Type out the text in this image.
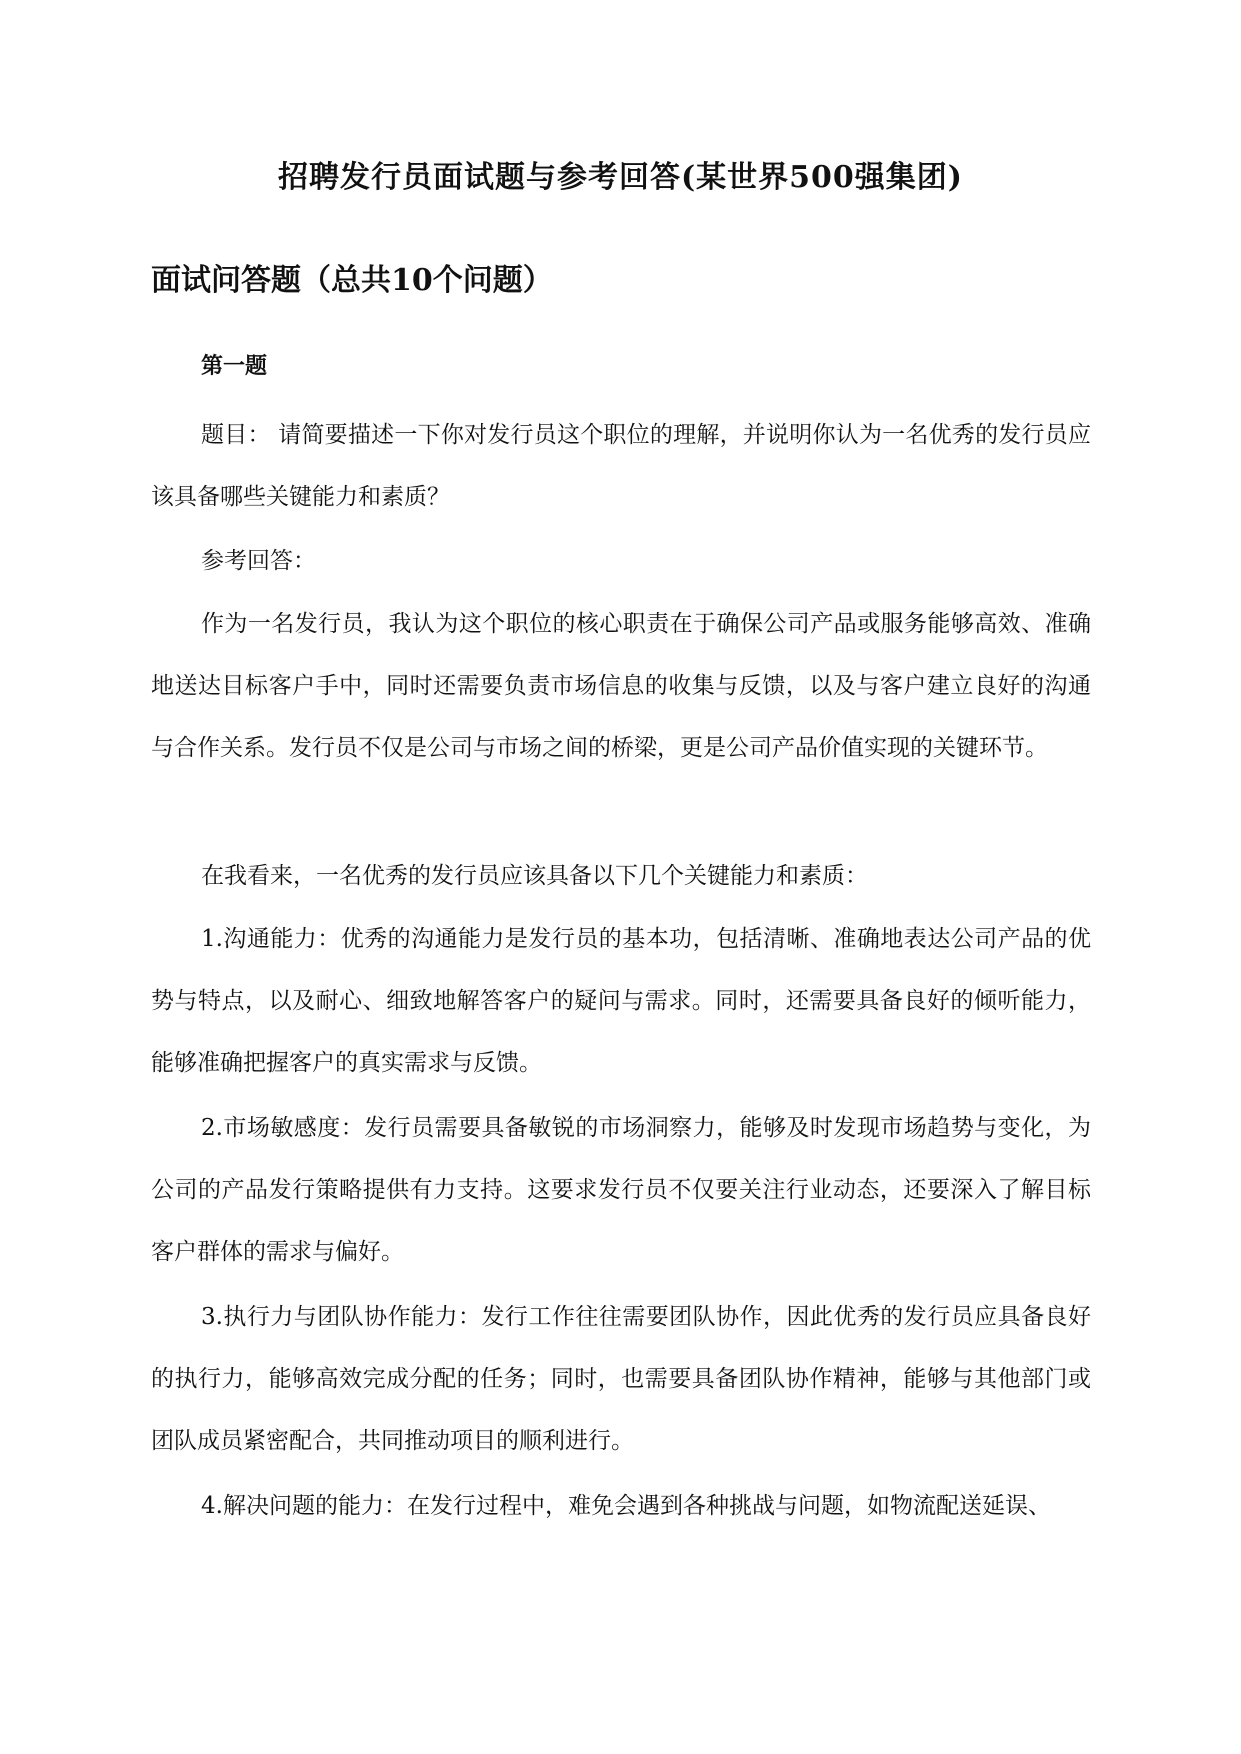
招聘发行员面试题与参考回答(某世界500强集团)
面试问答题（总共10个问题）
第一题

题目： 请简要描述一下你对发行员这个职位的理解，并说明你认为一名优秀的发行员应该具备哪些关键能力和素质？

参考回答：

作为一名发行员，我认为这个职位的核心职责在于确保公司产品或服务能够高效、准确地送达目标客户手中，同时还需要负责市场信息的收集与反馈，以及与客户建立良好的沟通与合作关系。发行员不仅是公司与市场之间的桥梁，更是公司产品价值实现的关键环节。

在我看来，一名优秀的发行员应该具备以下几个关键能力和素质：

1.沟通能力：优秀的沟通能力是发行员的基本功，包括清晰、准确地表达公司产品的优势与特点，以及耐心、细致地解答客户的疑问与需求。同时，还需要具备良好的倾听能力，能够准确把握客户的真实需求与反馈。

2.市场敏感度：发行员需要具备敏锐的市场洞察力，能够及时发现市场趋势与变化，为公司的产品发行策略提供有力支持。这要求发行员不仅要关注行业动态，还要深入了解目标客户群体的需求与偏好。

3.执行力与团队协作能力：发行工作往往需要团队协作，因此优秀的发行员应具备良好的执行力，能够高效完成分配的任务；同时，也需要具备团队协作精神，能够与其他部门或团队成员紧密配合，共同推动项目的顺利进行。

4.解决问题的能力：在发行过程中，难免会遇到各种挑战与问题，如物流配送延误、
